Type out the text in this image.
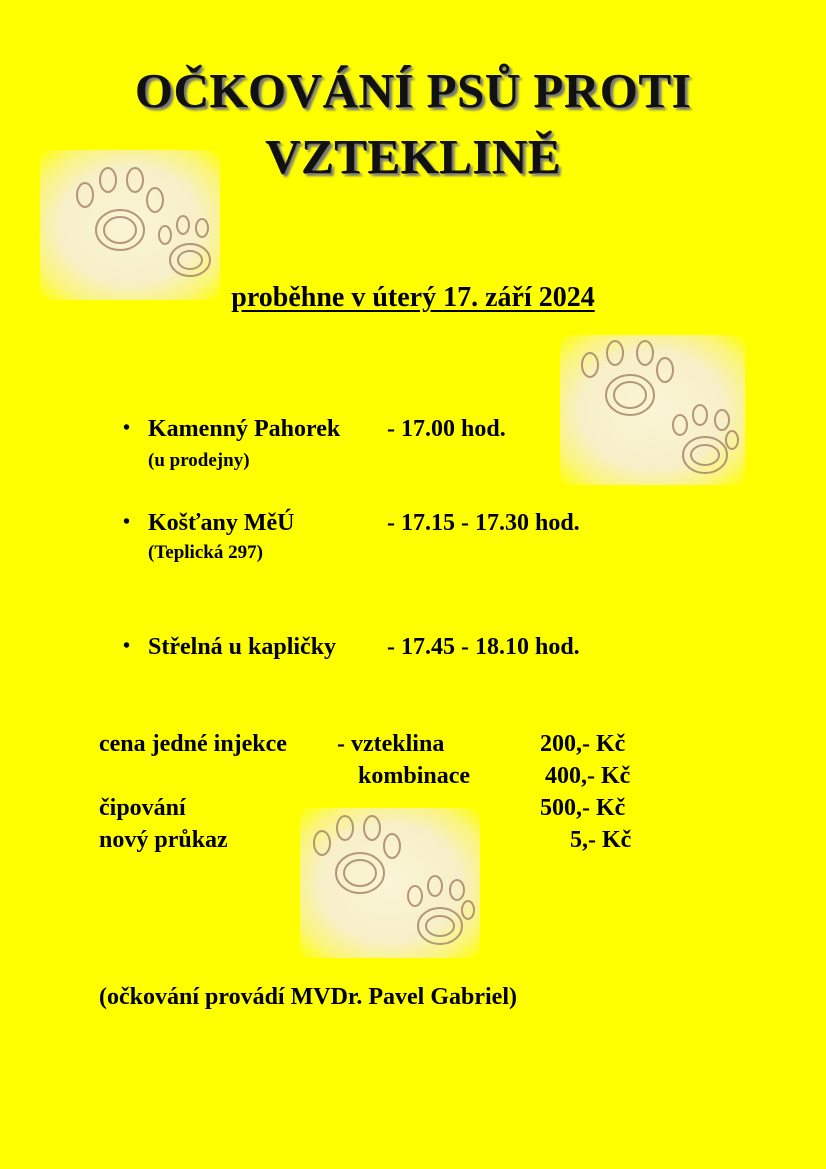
OČKOVÁNÍ PSŮ PROTI
VZTEKLINĚ
proběhne v úterý 17. září 2024
• Kamenný Pahorek - 17.00 hod.
(u prodejny)
• Košťany MěÚ	- 17.15 - 17.30 hod.
(Teplická 297)
• Střelná u kapličky - 17.45 - 18.10 hod.
cena jedné injekce - vzteklina	200,- Kč
kombinace	400,- Kč
čipování	500,- Kč
nový průkaz	5,- Kč
(očkování provádí MVDr. Pavel Gabriel)
